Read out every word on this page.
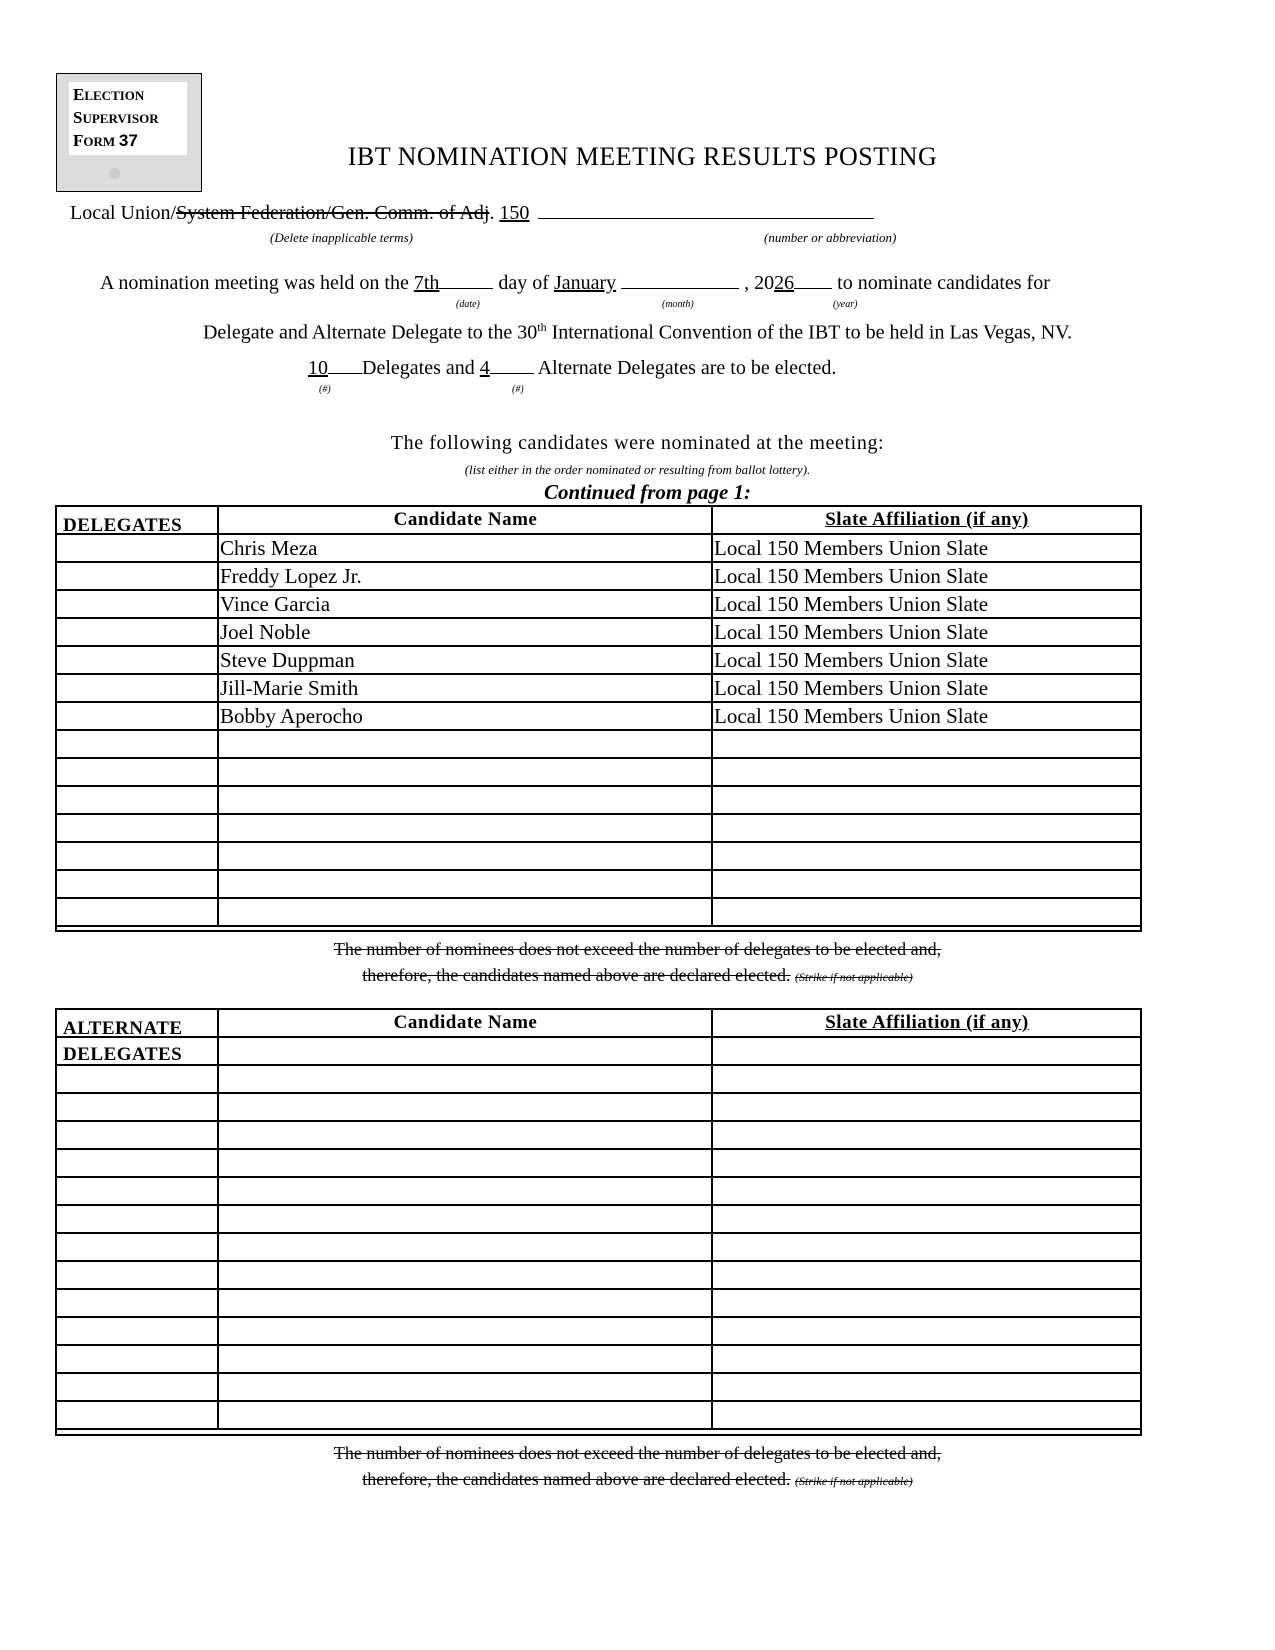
ELECTION
SUPERVISOR
FORM 37
IBT NOMINATION MEETING RESULTS POSTING
Local Union/System Federation/Gen. Comm. of Adj. 150
(Delete inapplicable terms)	(number or abbreviation)
A nomination meeting was held on the 7th	day of January	, 2026 to nominate candidates for
(date)	(month)	(year)
Delegate and Alternate Delegate to the 30th International Convention of the IBT to be held in Las Vegas, NV.
10 Delegates and 4 Alternate Delegates are to be elected.
(#)	(#)
The following candidates were nominated at the meeting:
(list either in the order nominated or resulting from ballot lottery).
Continued from page 1:
DELEGATES	Candidate Name	Slate Affiliation (if any)
Chris Meza	Local 150 Members Union Slate
Freddy Lopez Jr.	Local 150 Members Union Slate
Vince Garcia	Local 150 Members Union Slate
Joel Noble	Local 150 Members Union Slate
Steve Duppman	Local 150 Members Union Slate
Jill-Marie Smith	Local 150 Members Union Slate
Bobby Aperocho	Local 150 Members Union Slate
The number of nominees does not exceed the number of delegates to be elected and,
therefore, the candidates named above are declared elected. (Strike if not applicable)
ALTERNATE
DELEGATES
Candidate Name	Slate Affiliation (if any)
The number of nominees does not exceed the number of delegates to be elected and,
therefore, the candidates named above are declared elected. (Strike if not applicable)
